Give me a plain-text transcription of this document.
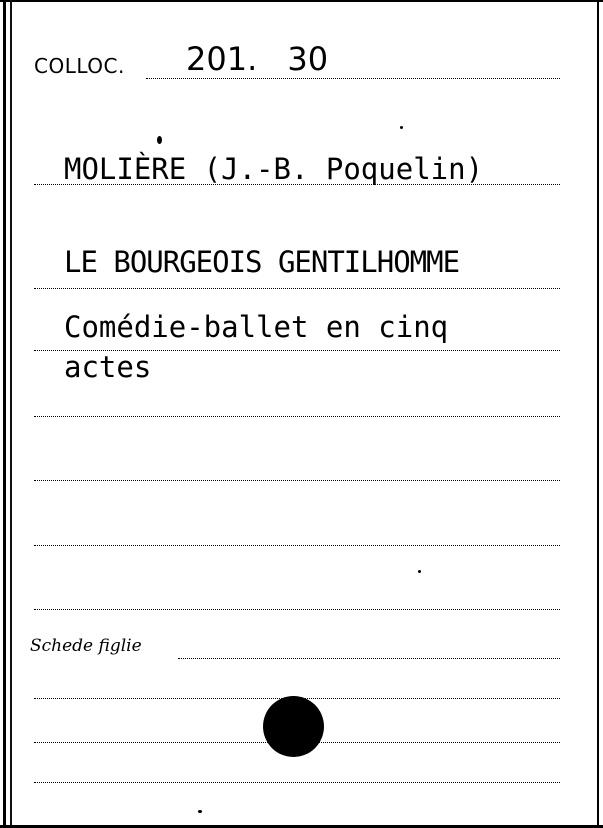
COLLOC. 201. 30
MOLIÈRE (J.-B. Poquelin)
LE BOURGEOIS GENTILHOMME
Comédie-ballet en cinq
actes
Schede figlie
